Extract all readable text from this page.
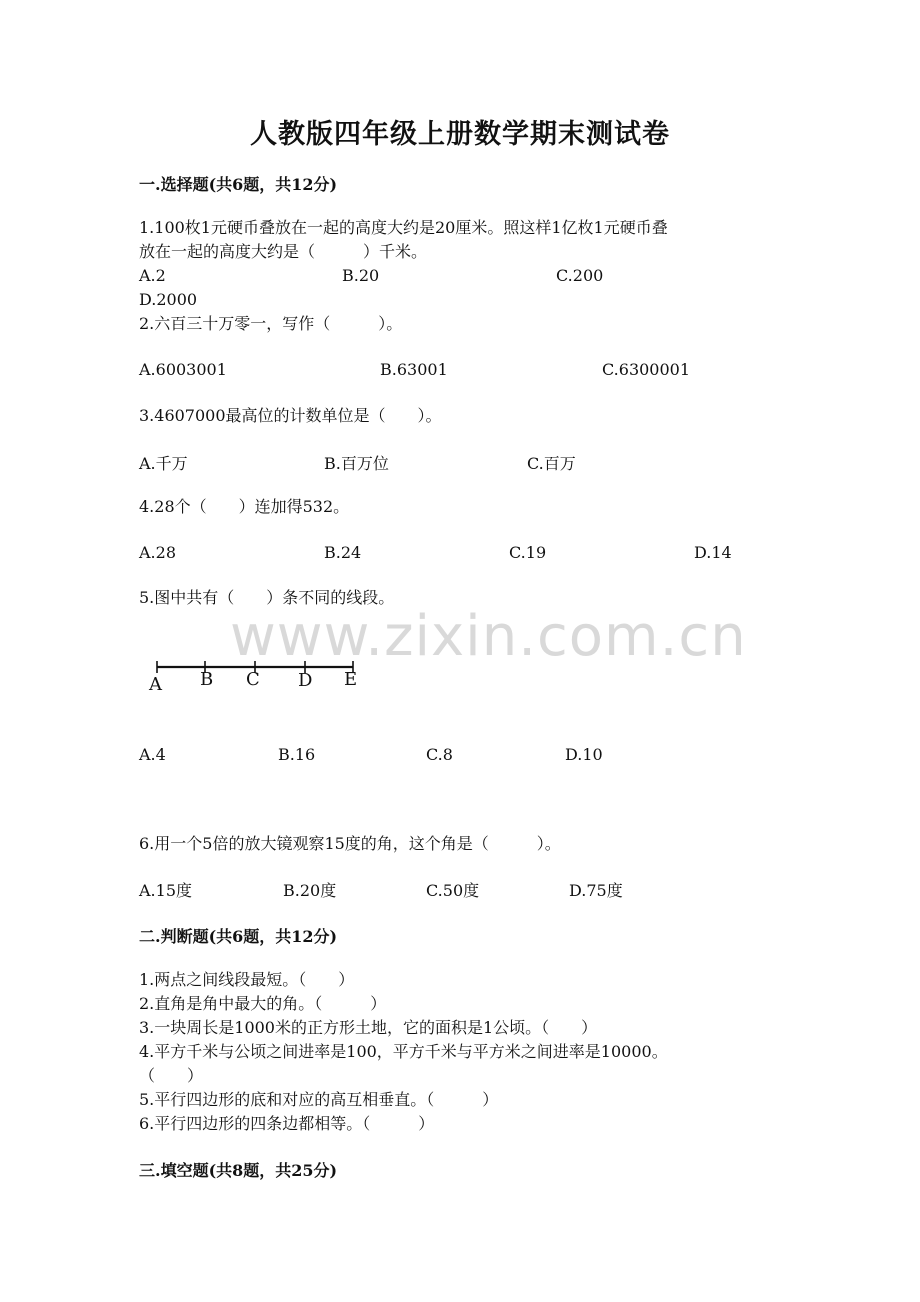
www.zixin.com.cn
人教版四年级上册数学期末测试卷
一.选择题(共6题，共12分)
1.100枚1元硬币叠放在一起的高度大约是20厘米。照这样1亿枚1元硬币叠
放在一起的高度大约是（　　　）千米。
A.2	B.20	C.200
D.2000
2.六百三十万零一，写作（　　　）。
A.6003001	B.63001	C.6300001
3.4607000最高位的计数单位是（　　）。
A.千万	B.百万位	C.百万
4.28个（　　）连加得532。
A.28	B.24	C.19	D.14
5.图中共有（　　）条不同的线段。
A B C D E
A.4	B.16	C.8	D.10
6.用一个5倍的放大镜观察15度的角，这个角是（　　　）。
A.15度	B.20度	C.50度	D.75度
二.判断题(共6题，共12分)
1.两点之间线段最短。（　　）
2.直角是角中最大的角。（　　　）
3.一块周长是1000米的正方形土地，它的面积是1公顷。（　　）
4.平方千米与公顷之间进率是100，平方千米与平方米之间进率是10000。
（　　）
5.平行四边形的底和对应的高互相垂直。（　　　）
6.平行四边形的四条边都相等。（　　　）
三.填空题(共8题，共25分)
